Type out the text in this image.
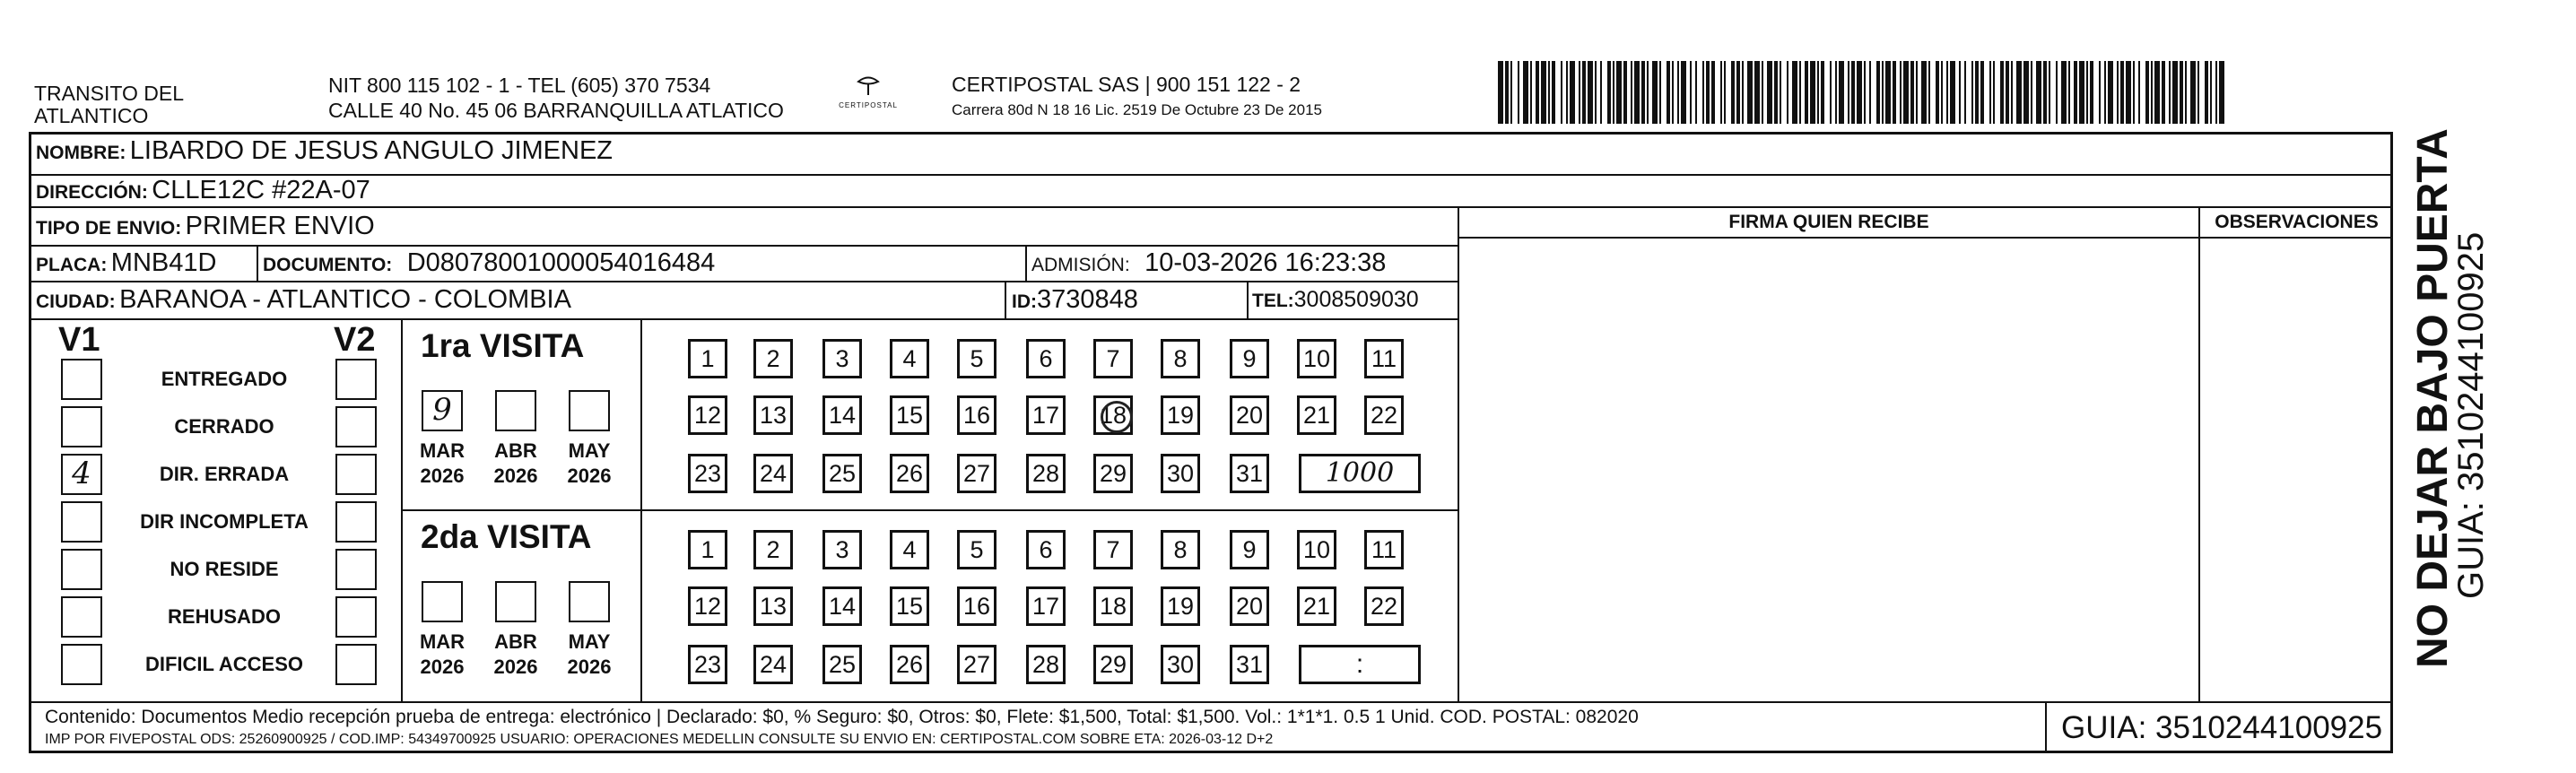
TRANSITO DEL
ATLANTICO
NIT 800 115 102 - 1 - TEL (605) 370 7534
CALLE 40 No. 45 06 BARRANQUILLA ATLATICO	CERTIPOSTAL
CERTIPOSTAL SAS | 900 151 122 - 2
Carrera 80d N 18 16 Lic. 2519 De Octubre 23 De 2015
FIRMA QUIEN RECIBE	OBSERVACIONES
NOMBRE: LIBARDO DE JESUS ANGULO JIMENEZ
DIRECCIÓN: CLLE12C #22A-07
TIPO DE ENVIO: PRIMER ENVIO
PLACA: MNB41D DOCUMENTO: D08078001000054016484	ADMISIÓN: 10-03-2026 16:23:38
CIUDAD: BARANOA - ATLANTICO - COLOMBIA	ID:3730848	TEL:3008509030
V1	V2
ENTREGADO
CERRADO
4	DIR. ERRADA
DIR INCOMPLETA
NO RESIDE
REHUSADO
DIFICIL ACCESO
1ra VISITA
9
MAR
2026
ABR
2026
MAY
2026
1	2	3	4	5	6	7	8	9	10 11
12 13 14 15 16 17 18 19 20 21 22
23 24 25 26 27 28 29 30 31	1000
2da VISITA
MAR
2026
ABR
2026
MAY
2026
1	2	3	4	5	6	7	8	9	10 11
12 13 14 15 16 17 18 19 20 21 22
23 24 25 26 27 28 29 30 31	:	NO DEJAR BAJO PUERTA
GUIA: 3510244100925
Contenido: Documentos Medio recepción prueba de entrega: electrónico | Declarado: $0, % Seguro: $0, Otros: $0, Flete: $1,500, Total: $1,500. Vol.: 1*1*1. 0.5 1 Unid. COD. POSTAL: 082020
IMP POR FIVEPOSTAL ODS: 25260900925 / COD.IMP: 54349700925 USUARIO: OPERACIONES MEDELLIN CONSULTE SU ENVIO EN: CERTIPOSTAL.COM SOBRE ETA: 2026-03-12 D+2	GUIA: 3510244100925
